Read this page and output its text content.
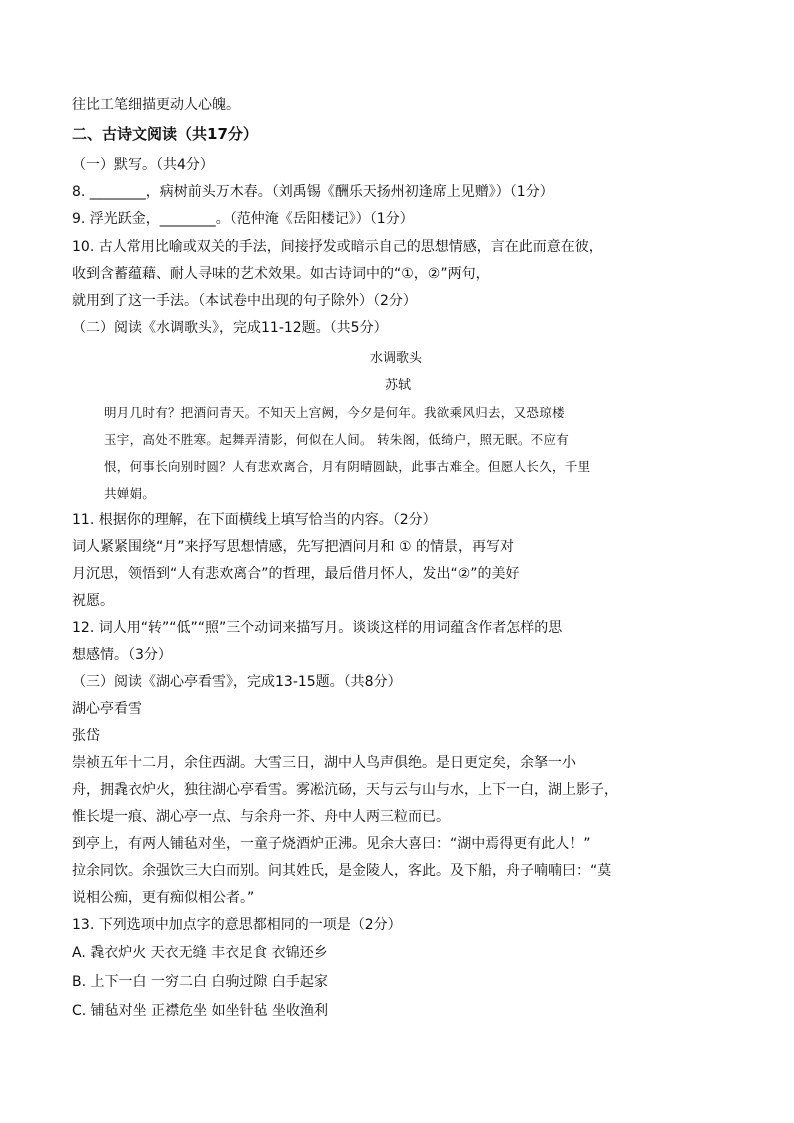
往比工笔细描更动人心魄。
二、古诗文阅读（共17分）
（一）默写。（共4分）
8. ________，病树前头万木春。（刘禹锡《酬乐天扬州初逢席上见赠》）（1分）
9. 浮光跃金，________。（范仲淹《岳阳楼记》）（1分）
10. 古人常用比喻或双关的手法，间接抒发或暗示自己的思想情感，言在此而意在彼，
收到含蓄蕴藉、耐人寻味的艺术效果。如古诗词中的“①，②”两句，
就用到了这一手法。（本试卷中出现的句子除外）（2分）
（二）阅读《水调歌头》，完成11-12题。（共5分）
水调歌头
苏轼
明月几时有？把酒问青天。不知天上宫阙，今夕是何年。我欲乘风归去，又恐琼楼
玉宇，高处不胜寒。起舞弄清影，何似在人间。 转朱阁，低绮户，照无眠。不应有
恨，何事长向别时圆？人有悲欢离合，月有阴晴圆缺，此事古难全。但愿人长久，千里
共婵娟。
11. 根据你的理解，在下面横线上填写恰当的内容。（2分）
词人紧紧围绕“月”来抒写思想情感，先写把酒问月和 ① 的情景，再写对
月沉思，领悟到“人有悲欢离合”的哲理，最后借月怀人，发出“②”的美好
祝愿。
12. 词人用“转”“低”“照”三个动词来描写月。谈谈这样的用词蕴含作者怎样的思
想感情。（3分）
（三）阅读《湖心亭看雪》，完成13-15题。（共8分）
湖心亭看雪
张岱
崇祯五年十二月，余住西湖。大雪三日，湖中人鸟声俱绝。是日更定矣，余拏一小
舟，拥毳衣炉火，独往湖心亭看雪。雾凇沆砀，天与云与山与水，上下一白，湖上影子，
惟长堤一痕、湖心亭一点、与余舟一芥、舟中人两三粒而已。
到亭上，有两人铺毡对坐，一童子烧酒炉正沸。见余大喜曰：“湖中焉得更有此人！”
拉余同饮。余强饮三大白而别。问其姓氏，是金陵人，客此。及下船，舟子喃喃曰：“莫
说相公痴，更有痴似相公者。”
13. 下列选项中加点字的意思都相同的一项是（2分）
A. 毳衣炉火 天衣无缝 丰衣足食 衣锦还乡
B. 上下一白 一穷二白 白驹过隙 白手起家
C. 铺毡对坐 正襟危坐 如坐针毡 坐收渔利
